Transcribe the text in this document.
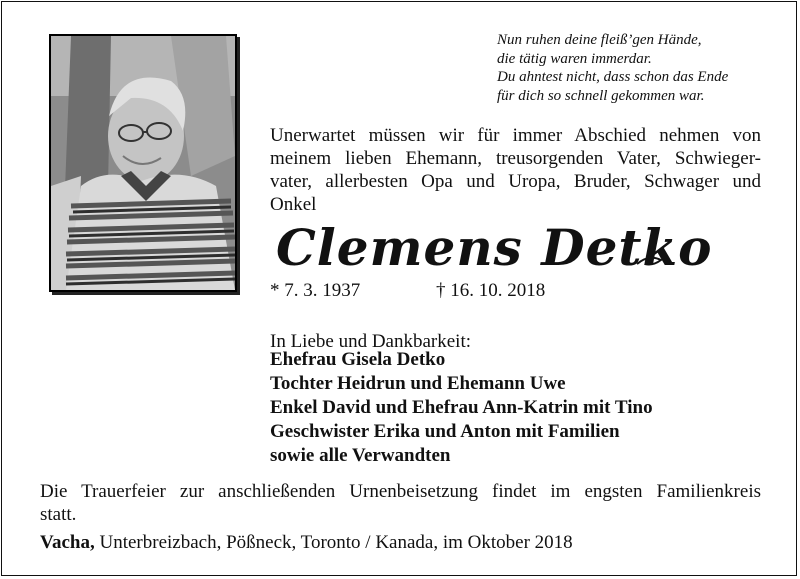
Nun ruhen deine fleiß’gen Hände,
die tätig waren immerdar.
Du ahntest nicht, dass schon das Ende
für dich so schnell gekommen war.
Unerwartet müssen wir für immer Abschied nehmen von
meinem lieben Ehemann, treusorgenden Vater, Schwieger-
vater, allerbesten Opa und Uropa, Bruder, Schwager und
Onkel
Clemens Detko
* 7. 3. 1937	† 16. 10. 2018
In Liebe und Dankbarkeit:
Ehefrau Gisela Detko
Tochter Heidrun und Ehemann Uwe
Enkel David und Ehefrau Ann-Katrin mit Tino
Geschwister Erika und Anton mit Familien
sowie alle Verwandten
Die Trauerfeier zur anschließenden Urnenbeisetzung findet im engsten Familienkreis
statt.
Vacha, Unterbreizbach, Pößneck, Toronto / Kanada, im Oktober 2018
